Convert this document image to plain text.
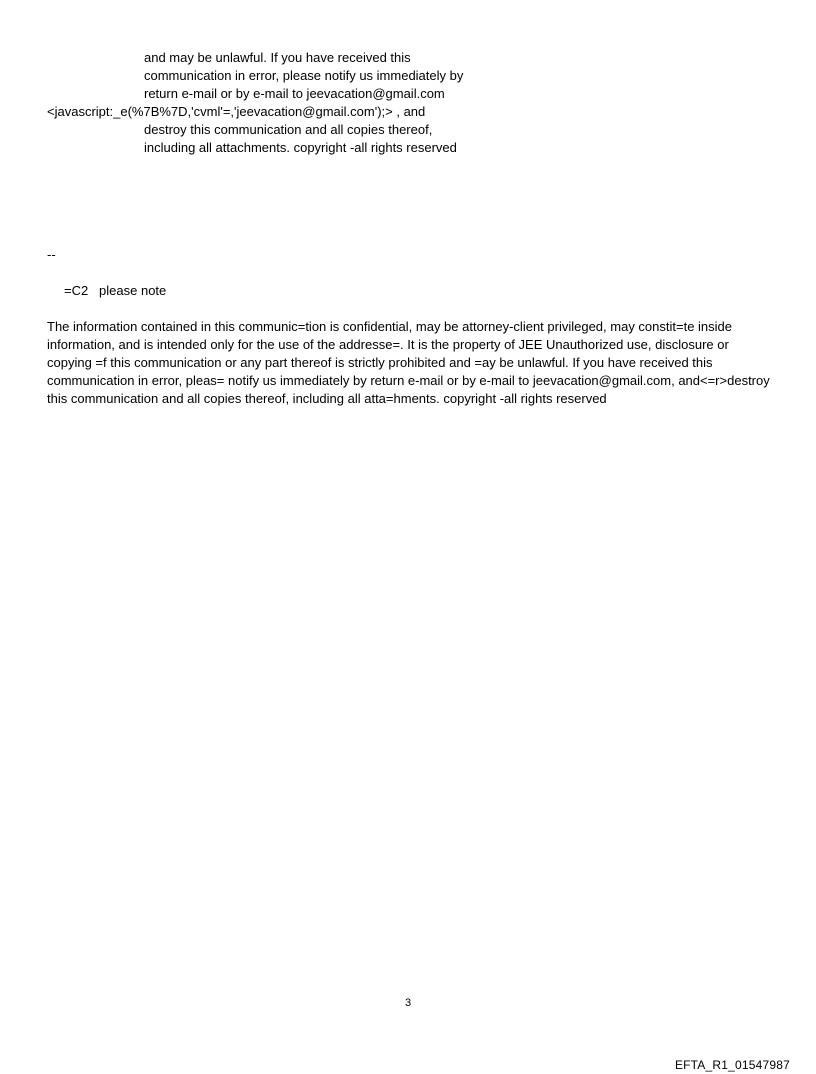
and may be unlawful. If you have received this
communication in error, please notify us immediately by
return e-mail or by e-mail to jeevacation@gmail.com
<javascript:_e(%7B%7D,'cvml'=,'jeevacation@gmail.com');> , and
destroy this communication and all copies thereof,
including all attachments. copyright -all rights reserved
--
=C2   please note
The information contained in this communic=tion is confidential, may be attorney-client privileged, may constit=te inside information, and is intended only for the use of the addresse=. It is the property of JEE Unauthorized use, disclosure or copying =f this communication or any part thereof is strictly prohibited and =ay be unlawful. If you have received this communication in error, pleas= notify us immediately by return e-mail or by e-mail to jeevacation@gmail.com, and<=r>destroy this communication and all copies thereof, including all atta=hments. copyright -all rights reserved
3
EFTA_R1_01547987
